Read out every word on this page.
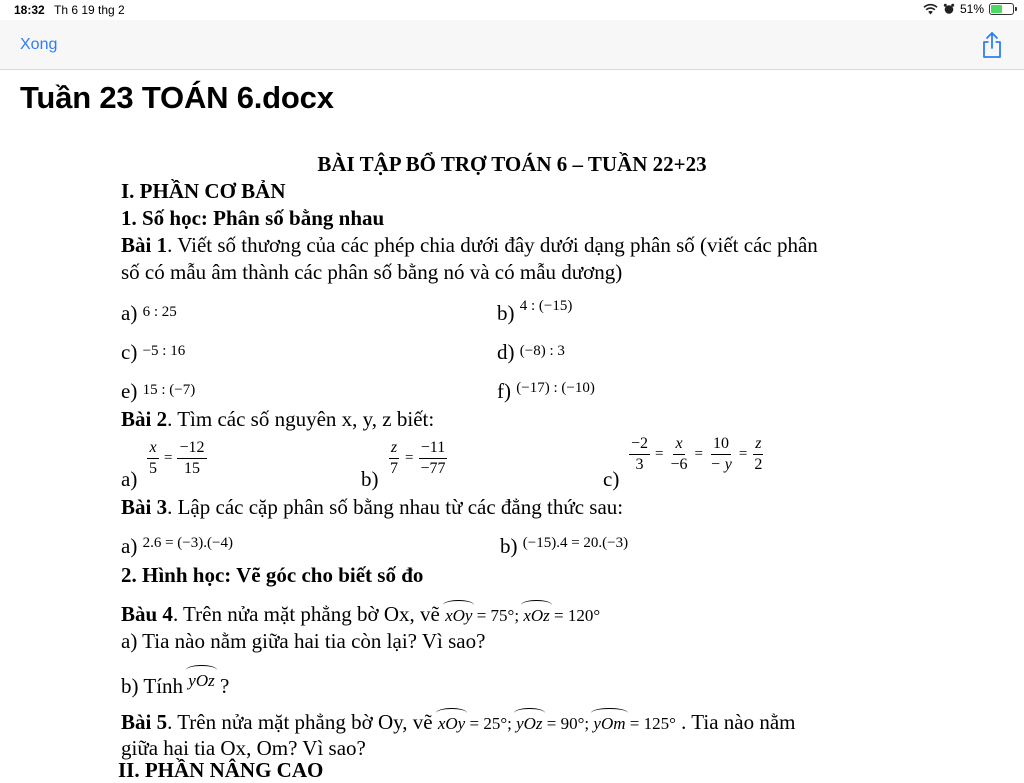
18:32 Th 6 19 thg 2	51%
Xong
Tuần 23 TOÁN 6.docx
BÀI TẬP BỔ TRỢ TOÁN 6 – TUẦN 22+23
I. PHẦN CƠ BẢN
1. Số học: Phân số bằng nhau
Bài 1. Viết số thương của các phép chia dưới đây dưới dạng phân số (viết các phân
số có mẫu âm thành các phân số bằng nó và có mẫu dương)
a) 6 : 25	b) 4 : (−15)
c) −5 : 16	d) (−8) : 3
e) 15 : (−7)	f) (−17) : (−10)
Bài 2. Tìm các số nguyên x, y, z biết:
a)
$\frac{x}{5} = \frac{-12}{15}$
b)
$\frac{z}{7} = \frac{-11}{-77}$
c)
$\frac{-2}{3} = \frac{x}{-6} = \frac{10}{- y} = \frac{z}{2}$
Bài 3. Lập các cặp phân số bằng nhau từ các đẳng thức sau:
a) 2.6 = (−3).(−4)	b) (−15).4 = 20.(−3)
2. Hình học: Vẽ góc cho biết số đo
Bàu 4. Trên nửa mặt phẳng bờ Ox, vẽ xOy = 75°; xOz = 120°
a) Tia nào nằm giữa hai tia còn lại? Vì sao?
b) Tính yOz ?
Bài 5. Trên nửa mặt phẳng bờ Oy, vẽ xOy = 25°; yOz = 90°; yOm = 125° . Tia nào nằm
giữa hai tia Ox, Om? Vì sao?
II. PHẦN NÂNG CAO
